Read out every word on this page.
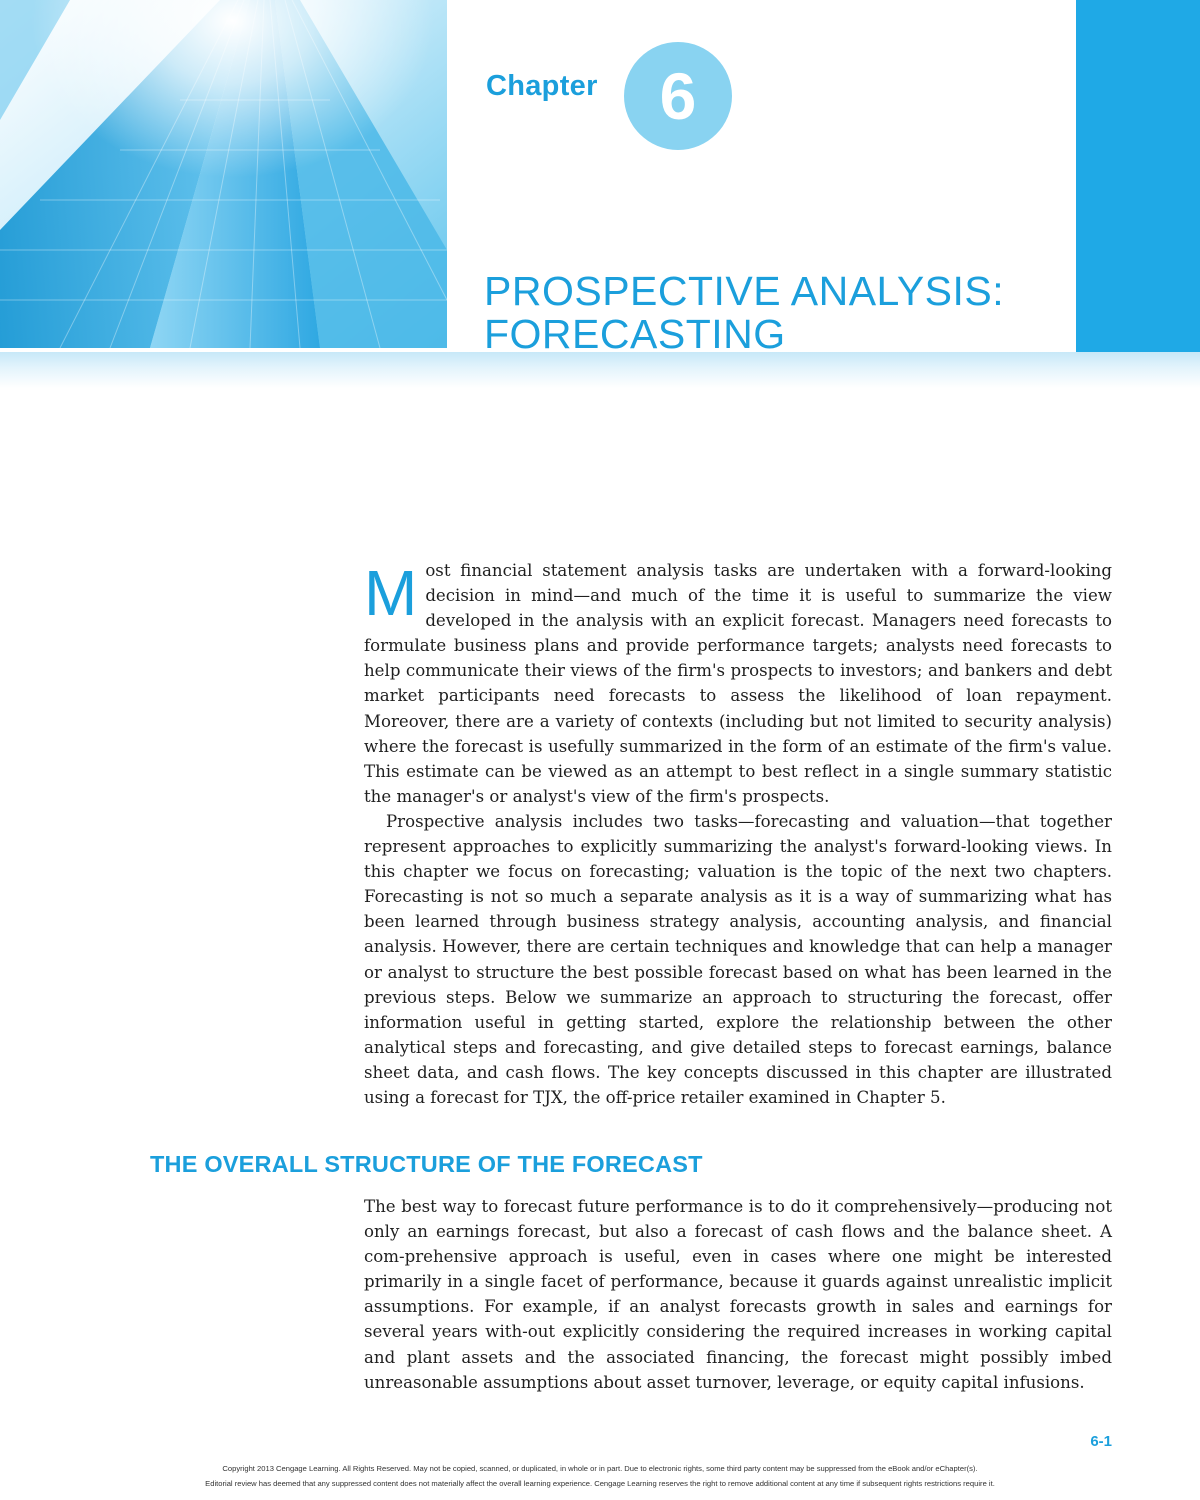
Chapter 6
PROSPECTIVE ANALYSIS:
FORECASTING

Most financial statement analysis tasks are undertaken with a forward-looking decision in mind—and much of the time it is useful to summarize the view developed in the analysis with an explicit forecast. Managers need forecasts to formulate business plans and provide performance targets; analysts need forecasts to help communicate their views of the firm's prospects to investors; and bankers and debt market participants need forecasts to assess the likelihood of loan repayment. Moreover, there are a variety of contexts (including but not limited to security analysis) where the forecast is usefully summarized in the form of an estimate of the firm's value. This estimate can be viewed as an attempt to best reflect in a single summary statistic the manager's or analyst's view of the firm's prospects.

Prospective analysis includes two tasks—forecasting and valuation—that together represent approaches to explicitly summarizing the analyst's forward-looking views. In this chapter we focus on forecasting; valuation is the topic of the next two chapters. Forecasting is not so much a separate analysis as it is a way of summarizing what has been learned through business strategy analysis, accounting analysis, and financial analysis. However, there are certain techniques and knowledge that can help a manager or analyst to structure the best possible forecast based on what has been learned in the previous steps. Below we summarize an approach to structuring the forecast, offer information useful in getting started, explore the relationship between the other analytical steps and forecasting, and give detailed steps to forecast earnings, balance sheet data, and cash flows. The key concepts discussed in this chapter are illustrated using a forecast for TJX, the off-price retailer examined in Chapter 5.

THE OVERALL STRUCTURE OF THE FORECAST

The best way to forecast future performance is to do it comprehensively—producing not only an earnings forecast, but also a forecast of cash flows and the balance sheet. A com-prehensive approach is useful, even in cases where one might be interested primarily in a single facet of performance, because it guards against unrealistic implicit assumptions. For example, if an analyst forecasts growth in sales and earnings for several years with-out explicitly considering the required increases in working capital and plant assets and the associated financing, the forecast might possibly imbed unreasonable assumptions about asset turnover, leverage, or equity capital infusions.

6-1
Copyright 2013 Cengage Learning. All Rights Reserved. May not be copied, scanned, or duplicated, in whole or in part. Due to electronic rights, some third party content may be suppressed from the eBook and/or eChapter(s).
Editorial review has deemed that any suppressed content does not materially affect the overall learning experience. Cengage Learning reserves the right to remove additional content at any time if subsequent rights restrictions require it.
